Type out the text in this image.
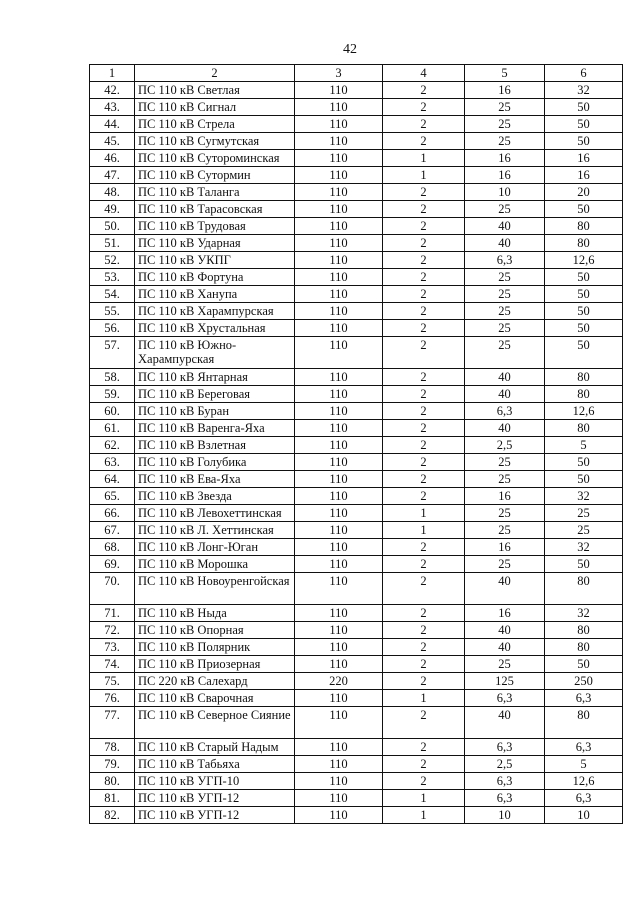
42
1	2	3	4	5	6
42.	ПС 110 кВ Светлая	110	2	16	32
43.	ПС 110 кВ Сигнал	110	2	25	50
44.	ПС 110 кВ Стрела	110	2	25	50
45.	ПС 110 кВ Сугмутская	110	2	25	50
46.	ПС 110 кВ Сутороминская	110	1	16	16
47.	ПС 110 кВ Сутормин	110	1	16	16
48.	ПС 110 кВ Таланга	110	2	10	20
49.	ПС 110 кВ Тарасовская	110	2	25	50
50.	ПС 110 кВ Трудовая	110	2	40	80
51.	ПС 110 кВ Ударная	110	2	40	80
52.	ПС 110 кВ УКПГ	110	2	6,3	12,6
53.	ПС 110 кВ Фортуна	110	2	25	50
54.	ПС 110 кВ Ханупа	110	2	25	50
55.	ПС 110 кВ Харампурская	110	2	25	50
56.	ПС 110 кВ Хрустальная	110	2	25	50
57.	ПС 110 кВ Южно-Харампурская	110	2	25	50
58.	ПС 110 кВ Янтарная	110	2	40	80
59.	ПС 110 кВ Береговая	110	2	40	80
60.	ПС 110 кВ Буран	110	2	6,3	12,6
61.	ПС 110 кВ Варенга-Яха	110	2	40	80
62.	ПС 110 кВ Взлетная	110	2	2,5	5
63.	ПС 110 кВ Голубика	110	2	25	50
64.	ПС 110 кВ Ева-Яха	110	2	25	50
65.	ПС 110 кВ Звезда	110	2	16	32
66.	ПС 110 кВ Левохеттинская	110	1	25	25
67.	ПС 110 кВ Л. Хеттинская	110	1	25	25
68.	ПС 110 кВ Лонг-Юган	110	2	16	32
69.	ПС 110 кВ Морошка	110	2	25	50
70.	ПС 110 кВ Новоуренгойская	110	2	40	80
71.	ПС 110 кВ Ныда	110	2	16	32
72.	ПС 110 кВ Опорная	110	2	40	80
73.	ПС 110 кВ Полярник	110	2	40	80
74.	ПС 110 кВ Приозерная	110	2	25	50
75.	ПС 220 кВ Салехард	220	2	125	250
76.	ПС 110 кВ Сварочная	110	1	6,3	6,3
77.	ПС 110 кВ Северное Сияние	110	2	40	80
78.	ПС 110 кВ Старый Надым	110	2	6,3	6,3
79.	ПС 110 кВ Табьяха	110	2	2,5	5
80.	ПС 110 кВ УГП-10	110	2	6,3	12,6
81.	ПС 110 кВ УГП-12	110	1	6,3	6,3
82.	ПС 110 кВ УГП-12	110	1	10	10
